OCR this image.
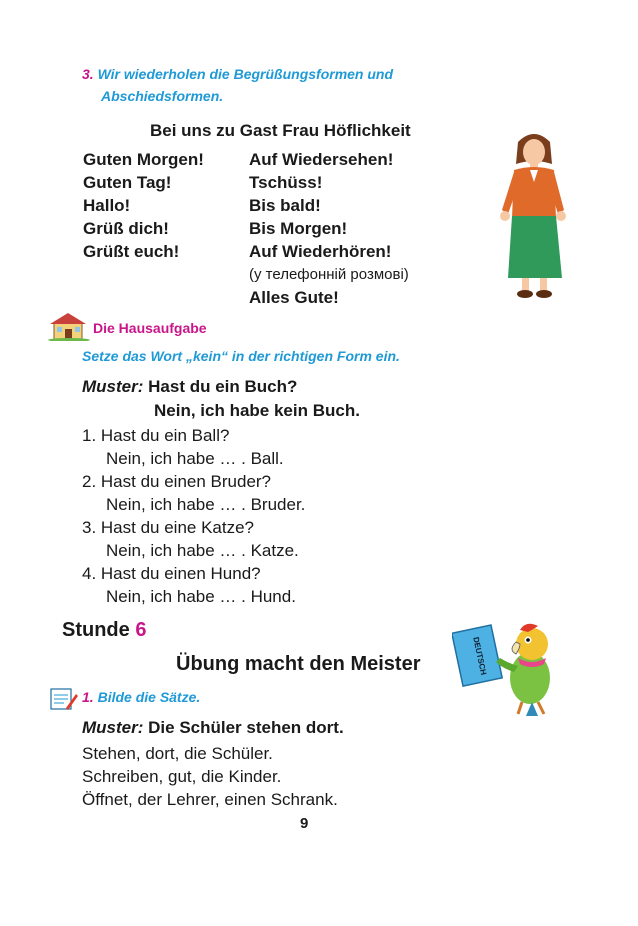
3. Wir wiederholen die Begrüßungsformen und
Abschiedsformen.
Bei uns zu Gast Frau Höflichkeit
Guten Morgen!
Guten Tag!
Hallo!
Grüß dich!
Grüßt euch!
Auf Wiedersehen!
Tschüss!
Bis bald!
Bis Morgen!
Auf Wiederhören!
(у телефонній розмові)
Alles Gute!
Die Hausaufgabe
Setze das Wort „kein“ in der richtigen Form ein.
Muster: Hast du ein Buch?
Nein, ich habe kein Buch.
1. Hast du ein Ball?
Nein, ich habe … . Ball.
2. Hast du einen Bruder?
Nein, ich habe … . Bruder.
3. Hast du eine Katze?
Nein, ich habe … . Katze.
4. Hast du einen Hund?
Nein, ich habe … . Hund.
Stunde 6
Übung macht den Meister	DEUTSCH
1. Bilde die Sätze.
Muster: Die Schüler stehen dort.
Stehen, dort, die Schüler.
Schreiben, gut, die Kinder.
Öffnet, der Lehrer, einen Schrank.
9
